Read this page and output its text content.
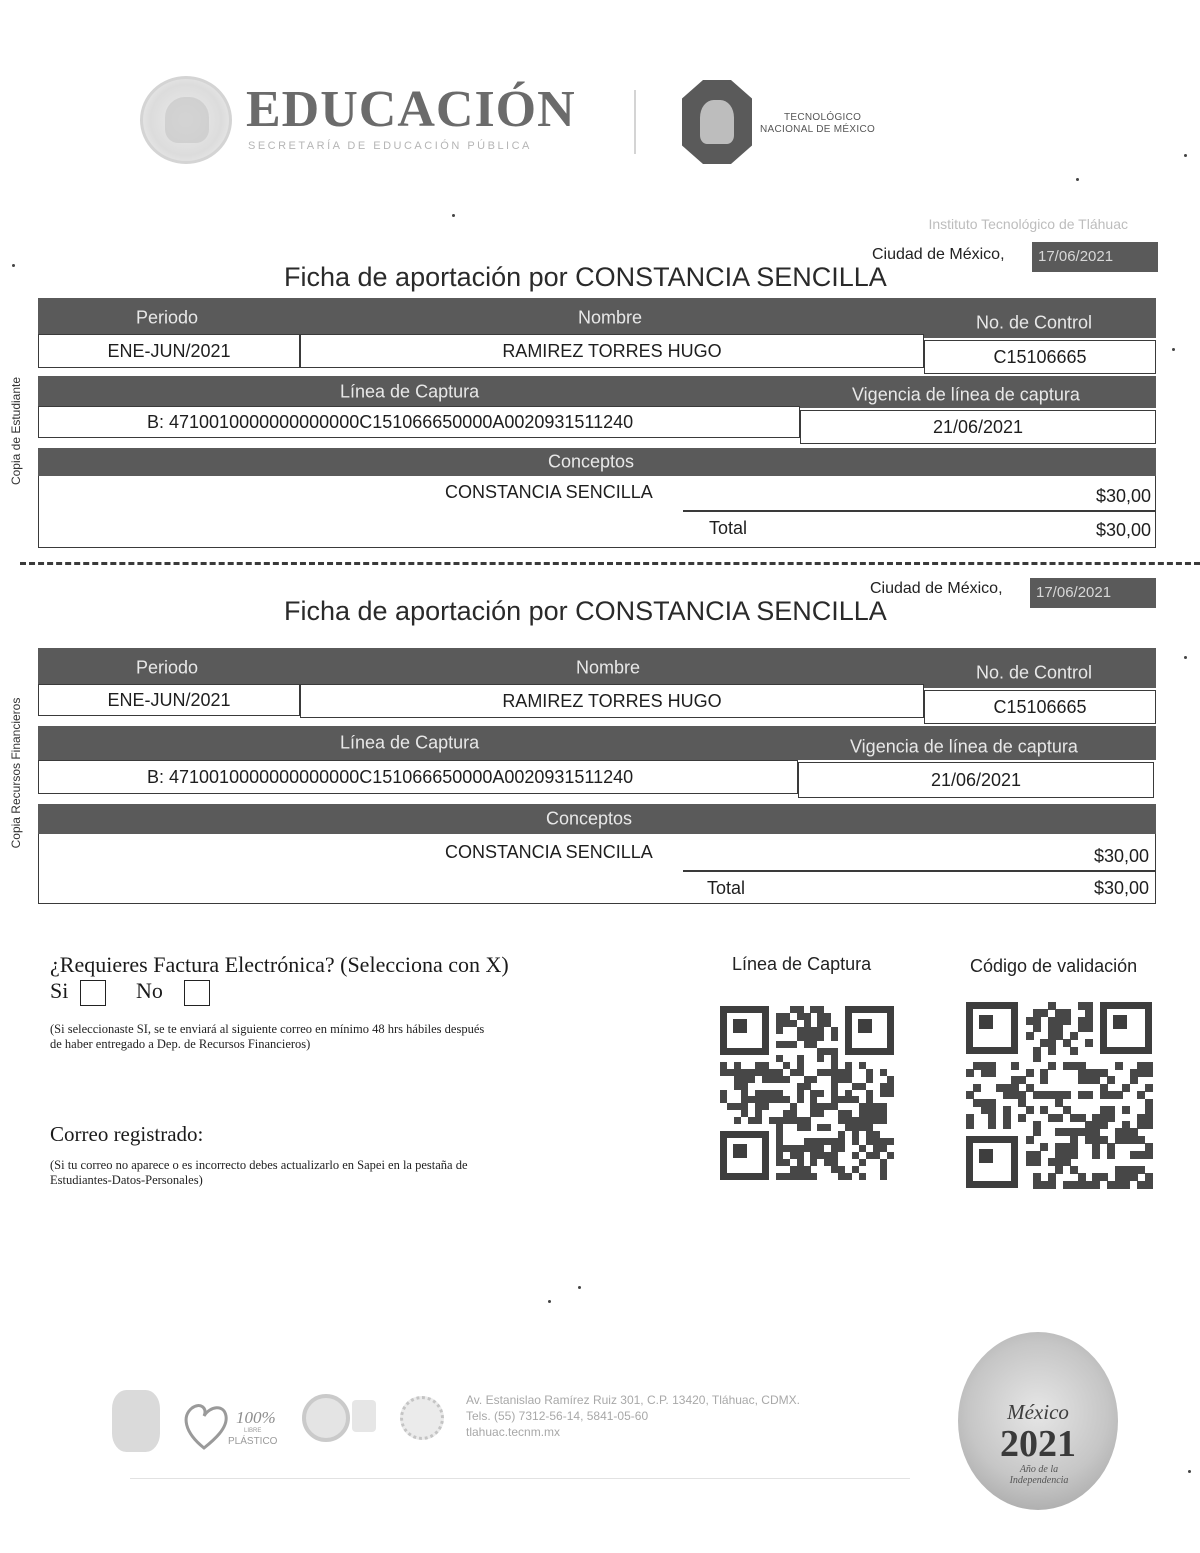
EDUCACIÓN
SECRETARÍA DE EDUCACIÓN PÚBLICA
TECNOLÓGICO
NACIONAL DE MÉXICO
Instituto Tecnológico de Tláhuac
Copia de Estudiante
Ciudad de México,	17/06/2021
Ficha de aportación por CONSTANCIA SENCILLA
Periodo	Nombre	No. de Control
ENE-JUN/2021	RAMIREZ TORRES HUGO	C15106665
Línea de Captura	Vigencia de línea de captura
B: 4710010000000000000C151066650000A0020931511240	21/06/2021
Conceptos
CONSTANCIA SENCILLA	$30,00
Total	$30,00
Copia Recursos Financieros
Ciudad de México,	17/06/2021
Ficha de aportación por CONSTANCIA SENCILLA
Periodo	Nombre	No. de Control
ENE-JUN/2021	RAMIREZ TORRES HUGO	C15106665
Línea de Captura	Vigencia de línea de captura
B: 4710010000000000000C151066650000A0020931511240	21/06/2021
Conceptos
CONSTANCIA SENCILLA	$30,00
Total	$30,00
¿Requieres Factura Electrónica? (Selecciona con X)
Si	No
(Si seleccionaste SI, se te enviará al siguiente correo en mínimo 48 hrs hábiles después
de haber entregado a Dep. de Recursos Financieros)
Correo registrado:
(Si tu correo no aparece o es incorrecto debes actualizarlo en Sapei en la pestaña de
Estudiantes-Datos-Personales)
Línea de Captura	Código de validación
100%
LIBRE
PLÁSTICO
Av. Estanislao Ramírez Ruiz 301, C.P. 13420, Tláhuac, CDMX.
Tels. (55) 7312-56-14, 5841-05-60
tlahuac.tecnm.mx
México
2021
Año de la
Independencia
